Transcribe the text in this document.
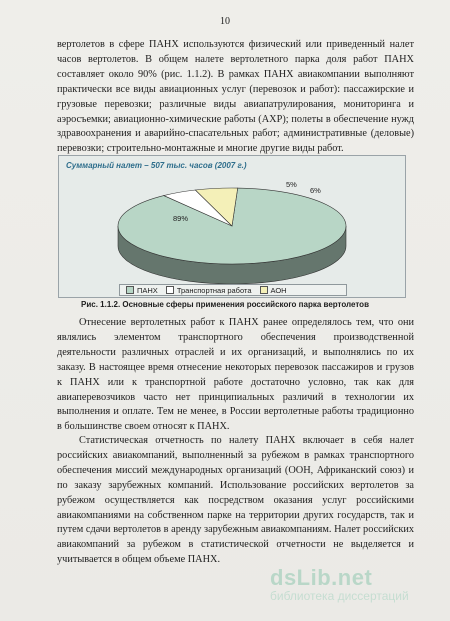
10

вертолетов в сфере ПАНХ используются физический или приведенный налет часов вертолетов. В общем налете вертолетного парка доля работ ПАНХ составляет около 90% (рис. 1.1.2). В рамках ПАНХ авиакомпании выполняют практически все виды авиационных услуг (перевозок и работ): пассажирские и грузовые перевозки; различные виды авиапатрулирования, мониторинга и аэросъемки; авиационно-химические работы (АХР); полеты в обеспечение нужд здравоохранения и аварийно-спасательных работ; административные (деловые) перевозки; строительно-монтажные и многие другие виды работ.

Суммарный налет – 507 тыс. часов (2007 г.)
89%
5%
6%
ПАНХ	Транспортная работа	АОН
Рис. 1.1.2. Основные сферы применения российского парка вертолетов

Отнесение вертолетных работ к ПАНХ ранее определялось тем, что они являлись элементом транспортного обеспечения производственной деятельности различных отраслей и их организаций, и выполнялись по их заказу. В настоящее время отнесение некоторых перевозок пассажиров и грузов к ПАНХ или к транспортной работе достаточно условно, так как для авиаперевозчиков часто нет принципиальных различий в технологии их выполнения и оплате. Тем не менее, в России вертолетные работы традиционно в большинстве своем относят к ПАНХ.

Статистическая отчетность по налету ПАНХ включает в себя налет российских авиакомпаний, выполненный за рубежом в рамках транспортного обеспечения миссий международных организаций (ООН, Африканский союз) и по заказу зарубежных компаний. Использование российских вертолетов за рубежом осуществляется как посредством оказания услуг российскими авиакомпаниями на собственном парке на территории других государств, так и путем сдачи вертолетов в аренду зарубежным авиакомпаниям. Налет российских авиакомпаний за рубежом в статистической отчетности не выделяется и учитывается в общем объеме ПАНХ.

dsLib.net
библиотека диссертаций
